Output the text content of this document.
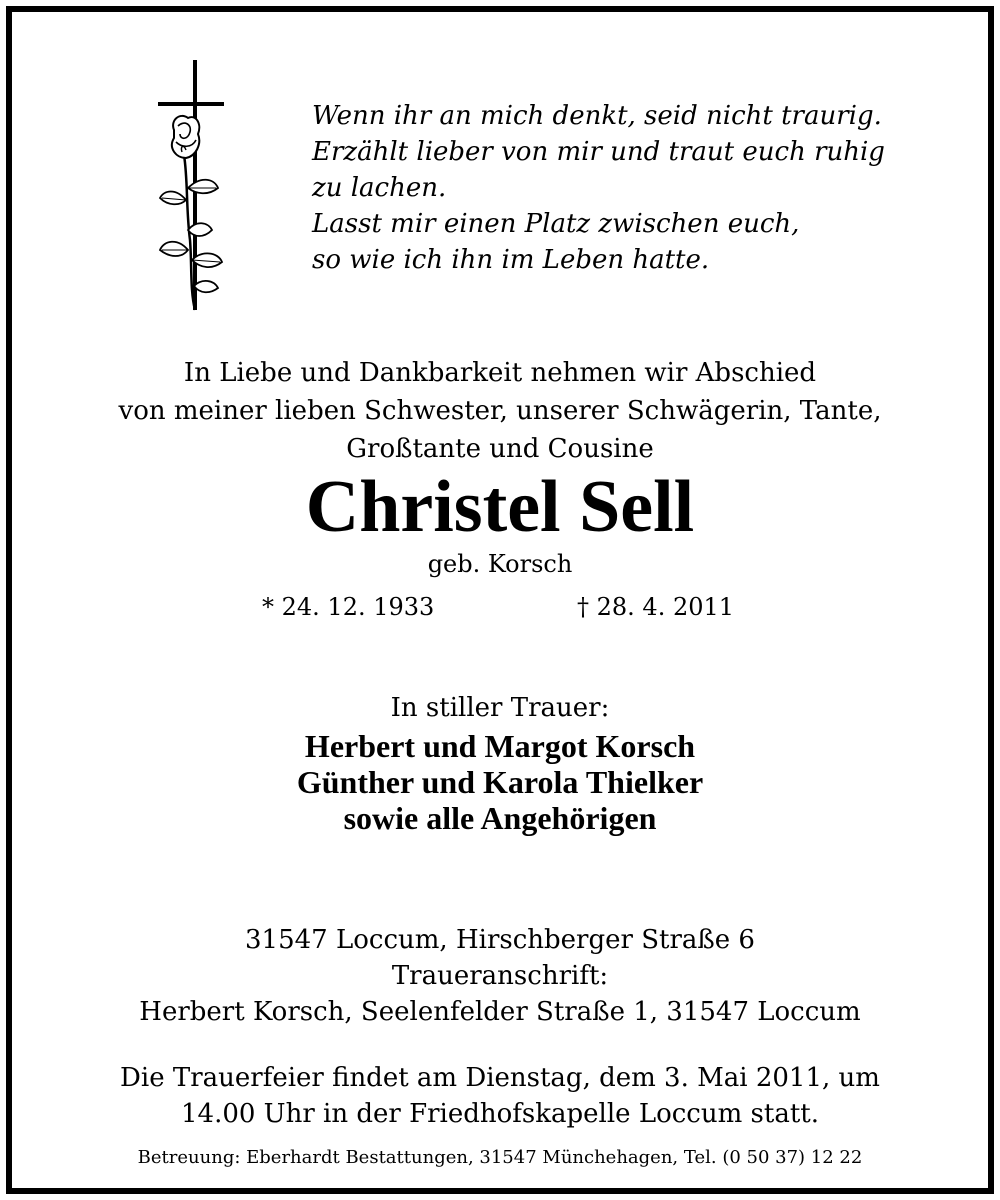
Wenn ihr an mich denkt, seid nicht traurig.
Erzählt lieber von mir und traut euch ruhig
zu lachen.
Lasst mir einen Platz zwischen euch,
so wie ich ihn im Leben hatte.
In Liebe und Dankbarkeit nehmen wir Abschied
von meiner lieben Schwester, unserer Schwägerin, Tante,
Großtante und Cousine
Christel Sell
geb. Korsch
* 24. 12. 1933	† 28. 4. 2011
In stiller Trauer:
Herbert und Margot Korsch
Günther und Karola Thielker
sowie alle Angehörigen
31547 Loccum, Hirschberger Straße 6
Traueranschrift:
Herbert Korsch, Seelenfelder Straße 1, 31547 Loccum
Die Trauerfeier findet am Dienstag, dem 3. Mai 2011, um
14.00 Uhr in der Friedhofskapelle Loccum statt.
Betreuung: Eberhardt Bestattungen, 31547 Münchehagen, Tel. (0 50 37) 12 22
